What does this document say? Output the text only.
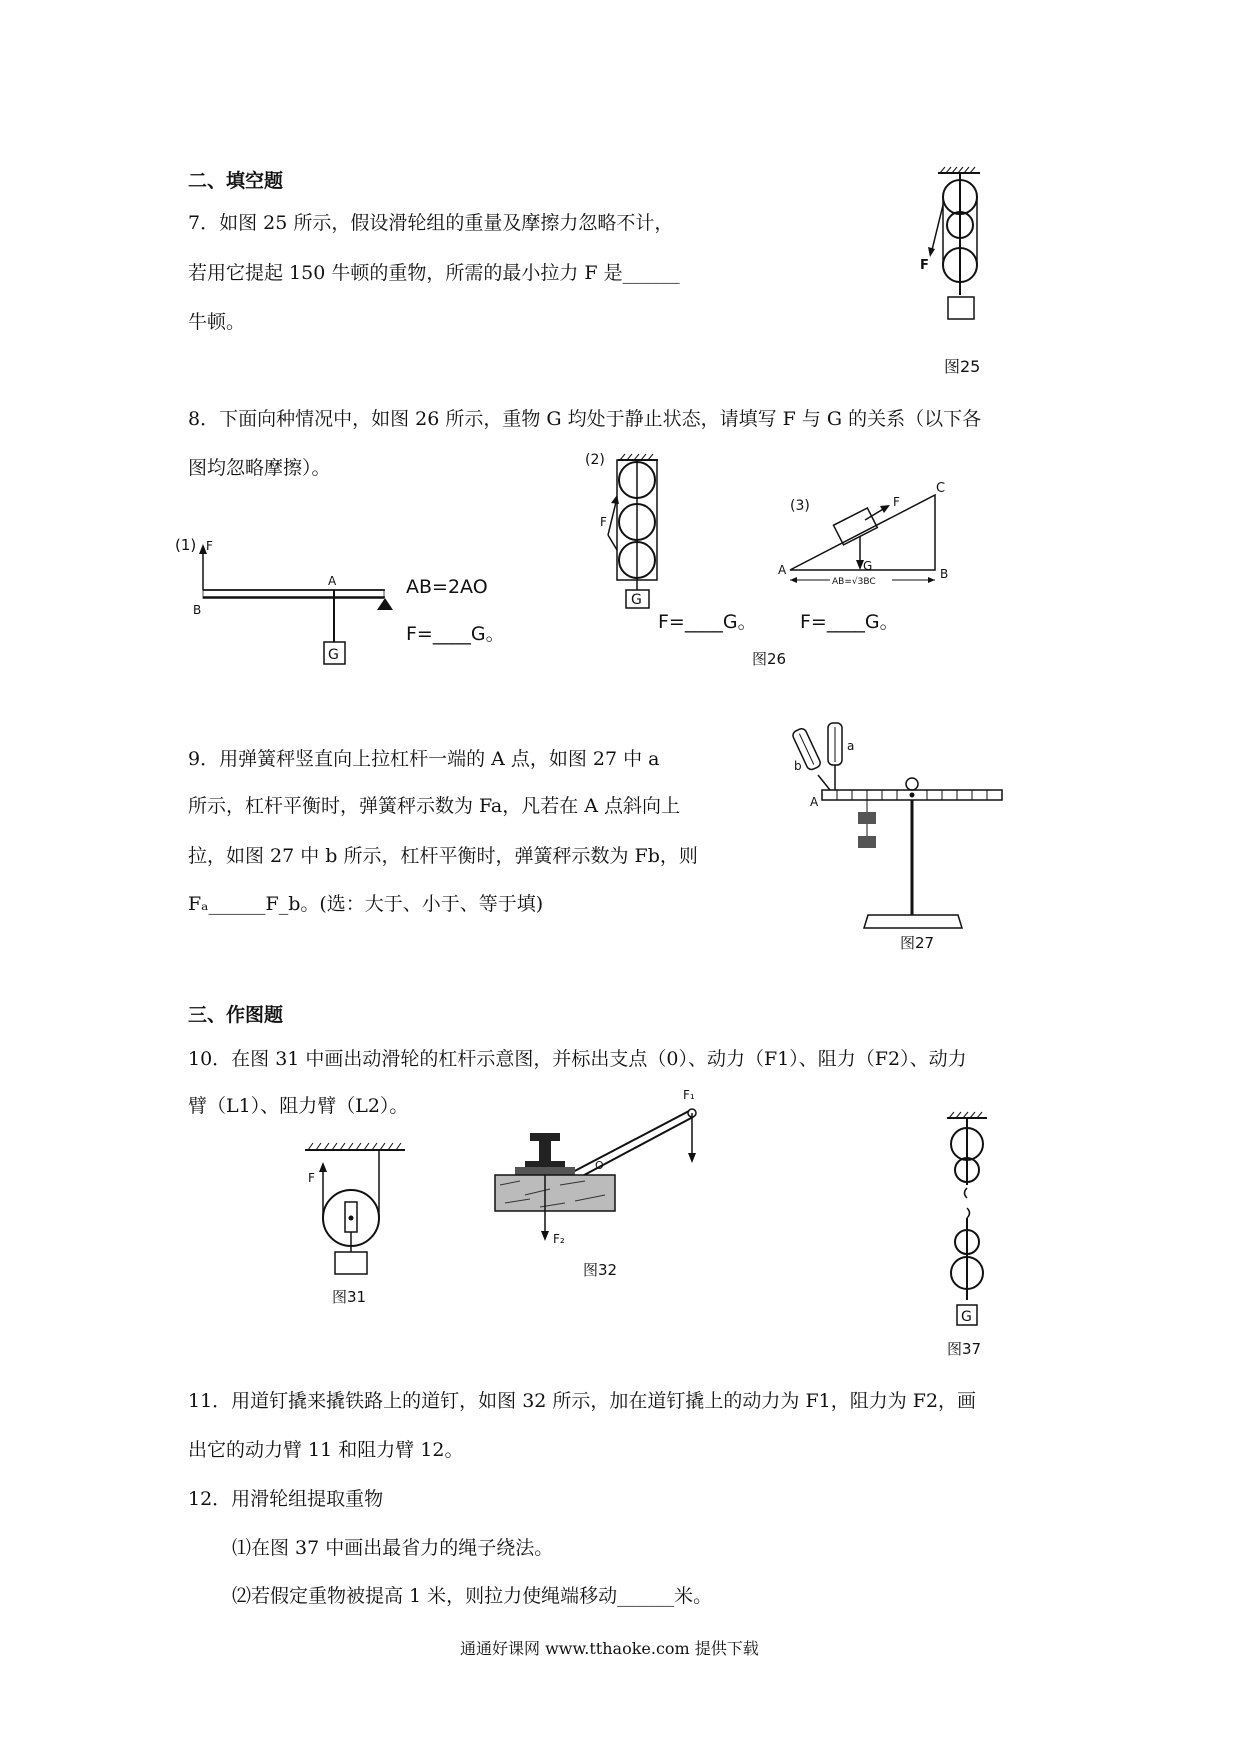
二、填空题
7．如图 25 所示，假设滑轮组的重量及摩擦力忽略不计，
若用它提起 150 牛顿的重物，所需的最小拉力 F 是______
牛顿。
F
图25
8．下面向种情况中，如图 26 所示，重物 G 均处于静止状态，请填写 F 与 G 的关系（以下各
图均忽略摩擦）。
(1) F
B
A
G
AB=2AO
F=____G。
(2)
F
G
F=____G。
(3)
C
A	B
F
G
AB=√3BC
F=____G。
图26
9．用弹簧秤竖直向上拉杠杆一端的 A 点，如图 27 中 a
所示，杠杆平衡时，弹簧秤示数为 Fa，凡若在 A 点斜向上
拉，如图 27 中 b 所示，杠杆平衡时，弹簧秤示数为 Fb，则
Fₐ______F_b。(选：大于、小于、等于填)
b
a
A
图27
三、作图题
10．在图 31 中画出动滑轮的杠杆示意图，并标出支点（0）、动力（F1）、阻力（F2）、动力
臂（L1）、阻力臂（L2）。
F
图31
F₁
O
F₂
图32
G
图37
11．用道钉撬来撬铁路上的道钉，如图 32 所示，加在道钉撬上的动力为 F1，阻力为 F2，画
出它的动力臂 11 和阻力臂 12。
12．用滑轮组提取重物
⑴在图 37 中画出最省力的绳子绕法。
⑵若假定重物被提高 1 米，则拉力使绳端移动______米。
通通好课网 www.tthaoke.com 提供下载
